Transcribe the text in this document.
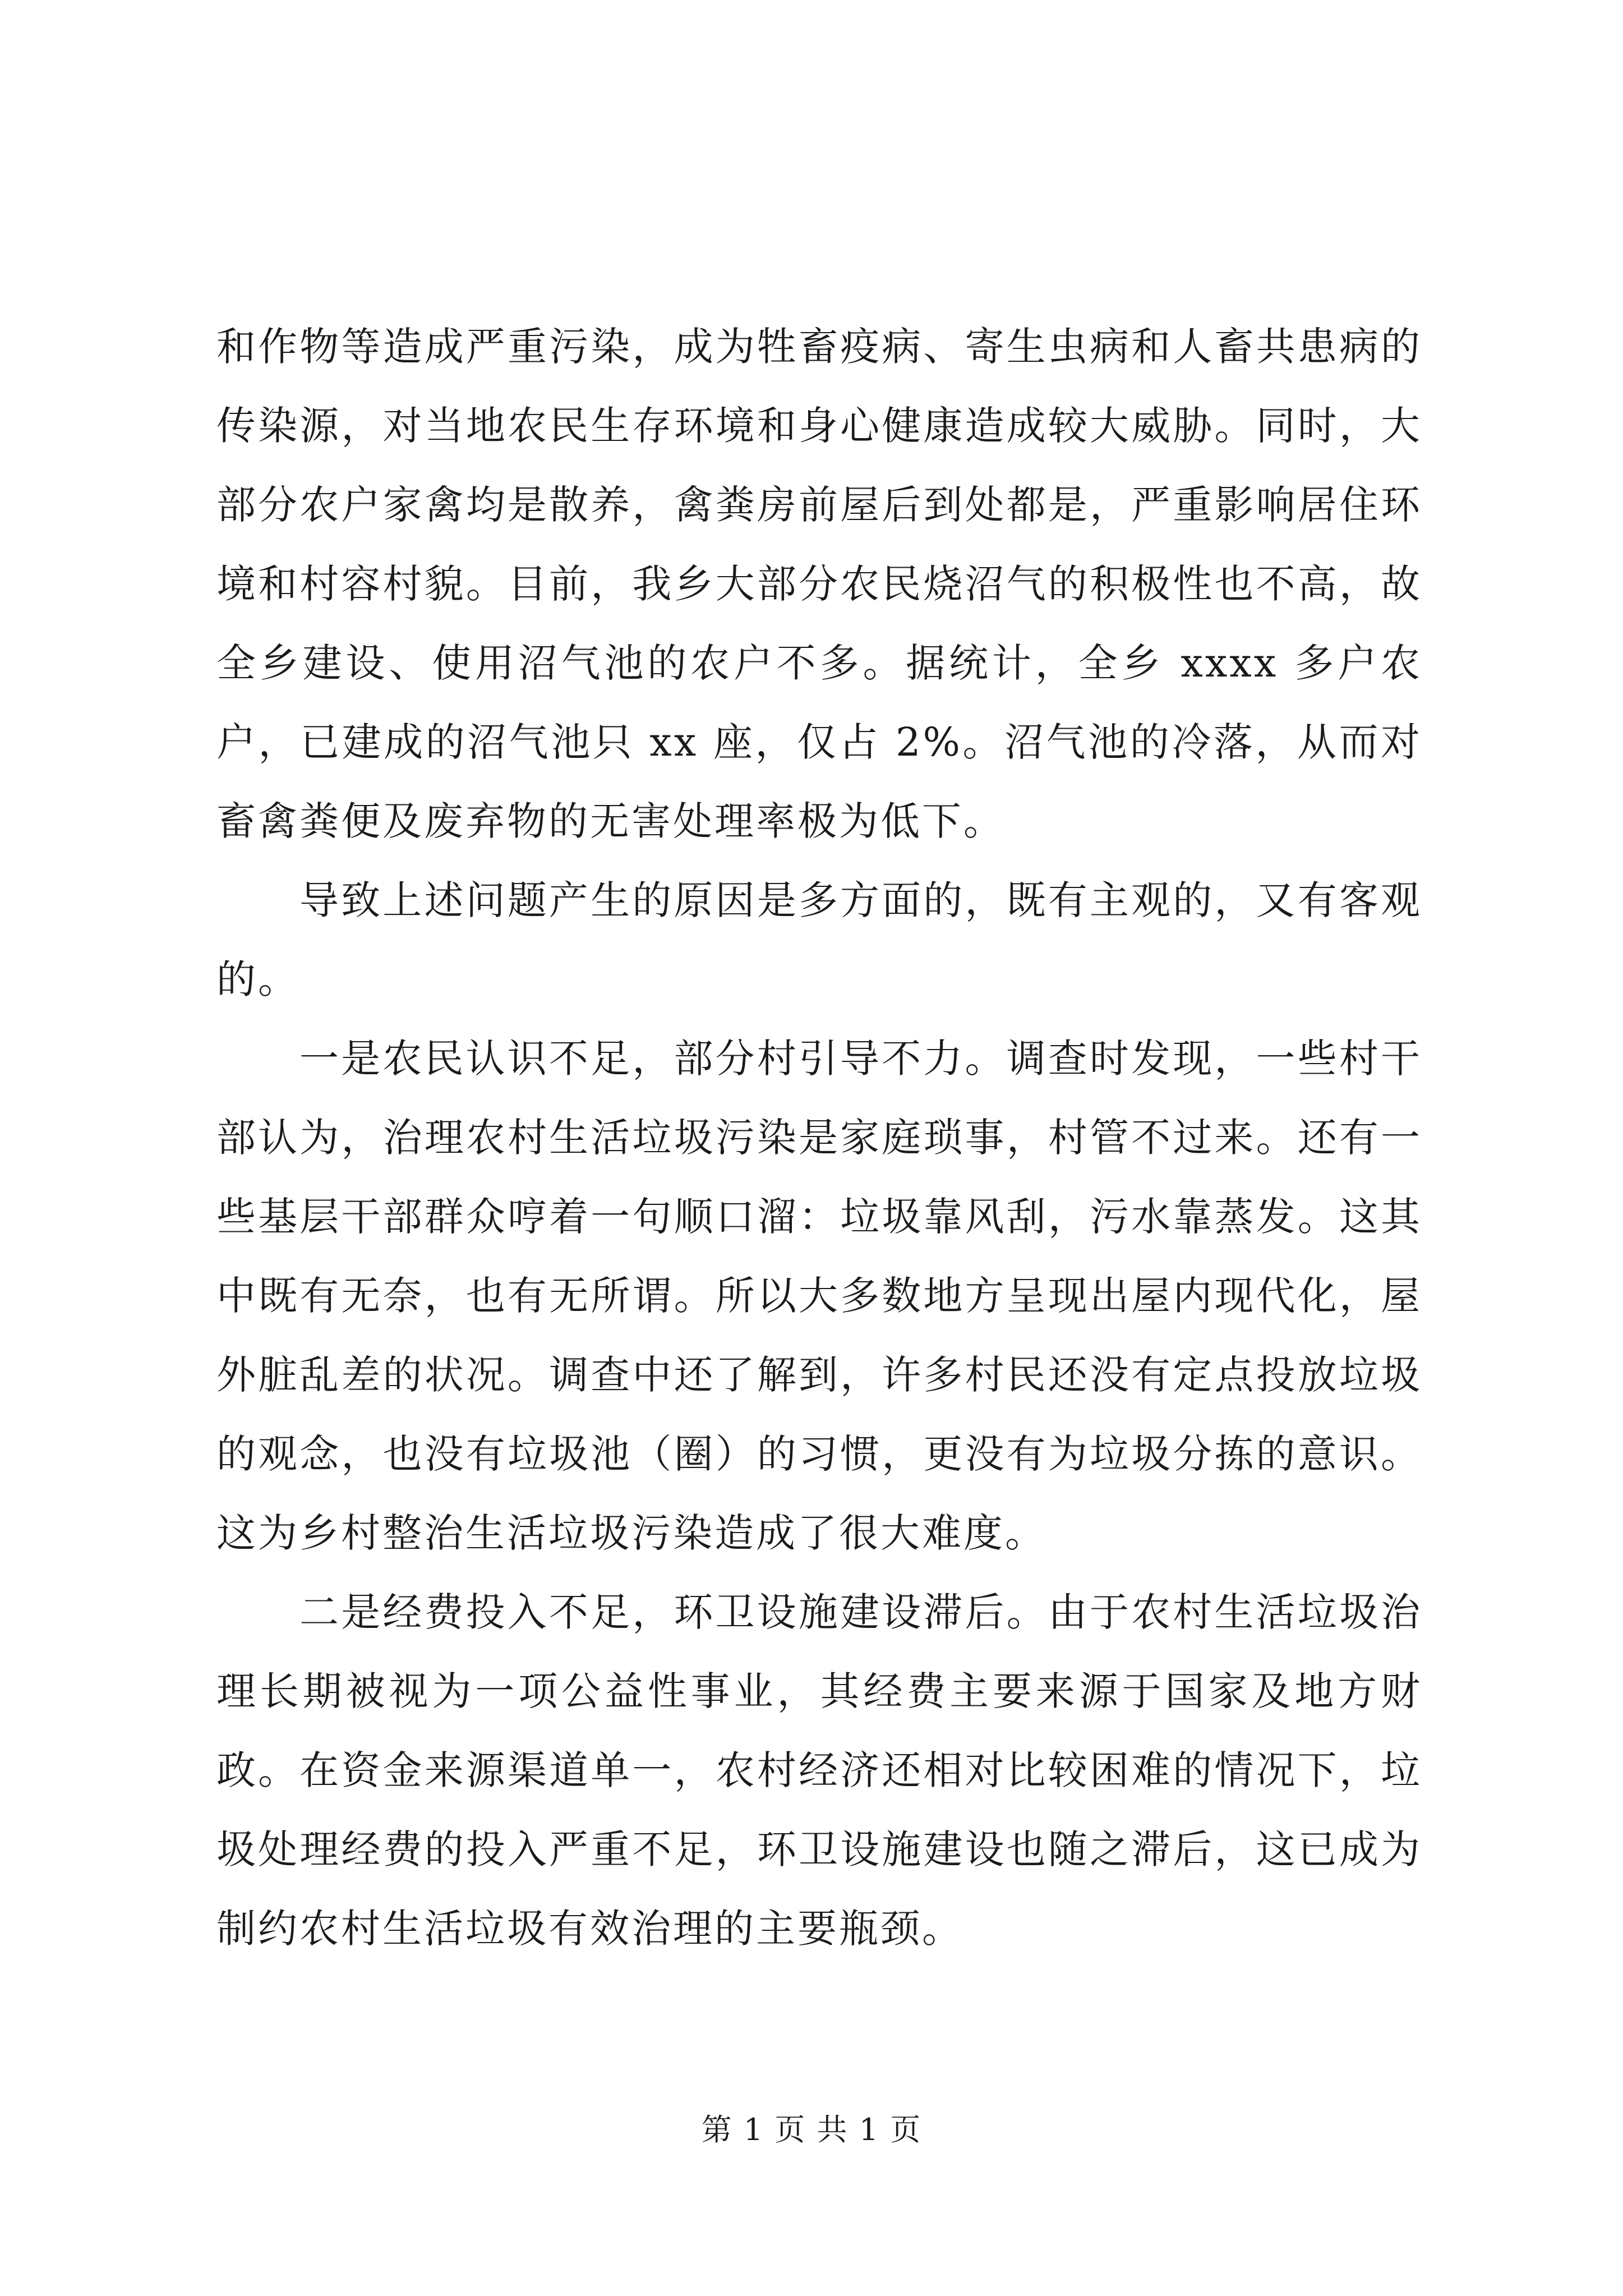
和作物等造成严重污染，成为牲畜疫病、寄生虫病和人畜共患病的传染源，对当地农民生存环境和身心健康造成较大威胁。同时，大部分农户家禽均是散养，禽粪房前屋后到处都是，严重影响居住环境和村容村貌。目前，我乡大部分农民烧沼气的积极性也不高，故全乡建设、使用沼气池的农户不多。据统计，全乡 xxxx 多户农户，已建成的沼气池只 xx 座，仅占 2%。沼气池的冷落，从而对畜禽粪便及废弃物的无害处理率极为低下。

导致上述问题产生的原因是多方面的，既有主观的，又有客观的。

一是农民认识不足，部分村引导不力。调查时发现，一些村干部认为，治理农村生活垃圾污染是家庭琐事，村管不过来。还有一些基层干部群众哼着一句顺口溜：垃圾靠风刮，污水靠蒸发。这其中既有无奈，也有无所谓。所以大多数地方呈现出屋内现代化，屋外脏乱差的状况。调查中还了解到，许多村民还没有定点投放垃圾的观念，也没有垃圾池（圈）的习惯，更没有为垃圾分拣的意识。这为乡村整治生活垃圾污染造成了很大难度。

二是经费投入不足，环卫设施建设滞后。由于农村生活垃圾治理长期被视为一项公益性事业，其经费主要来源于国家及地方财政。在资金来源渠道单一，农村经济还相对比较困难的情况下，垃圾处理经费的投入严重不足，环卫设施建设也随之滞后，这已成为制约农村生活垃圾有效治理的主要瓶颈。

第 1 页 共 1 页
